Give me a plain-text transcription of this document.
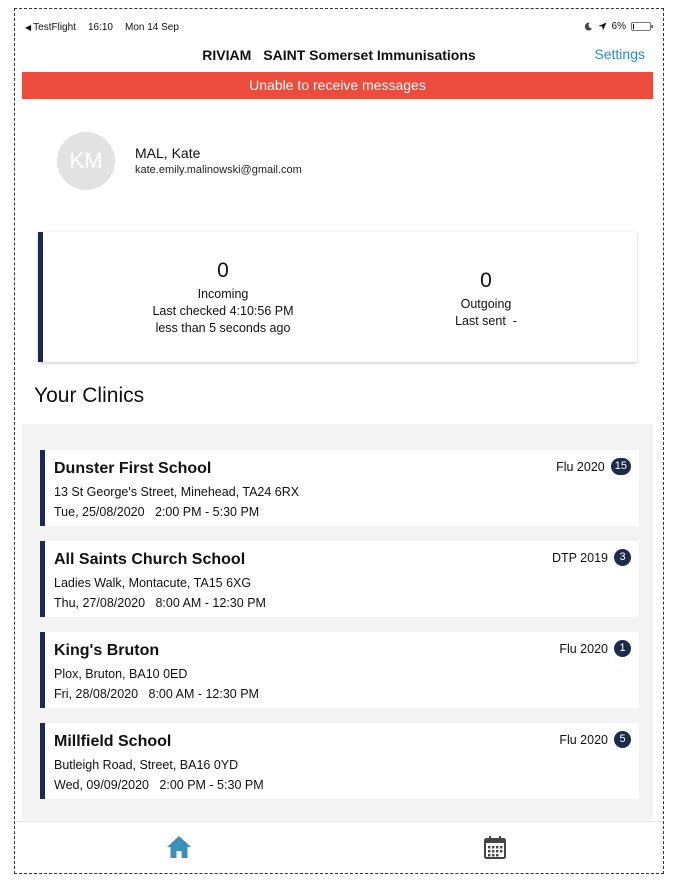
◀ TestFlight 16:10 Mon 14 Sep	6%
RIVIAM SAINT Somerset Immunisations	Settings
Unable to receive messages
KM	MAL, Kate
kate.emily.malinowski@gmail.com
0
Incoming
Last checked 4:10:56 PM
less than 5 seconds ago
0
Outgoing
Last sent  -
Your Clinics
Dunster First School
13 St George's Street, Minehead, TA24 6RX
Tue, 25/08/2020   2:00 PM - 5:30 PM
Flu 2020 15
All Saints Church School
Ladies Walk, Montacute, TA15 6XG
Thu, 27/08/2020   8:00 AM - 12:30 PM
DTP 2019	3
King's Bruton
Plox, Bruton, BA10 0ED
Fri, 28/08/2020   8:00 AM - 12:30 PM
Flu 2020	1
Millfield School
Butleigh Road, Street, BA16 0YD
Wed, 09/09/2020   2:00 PM - 5:30 PM
Flu 2020	5
